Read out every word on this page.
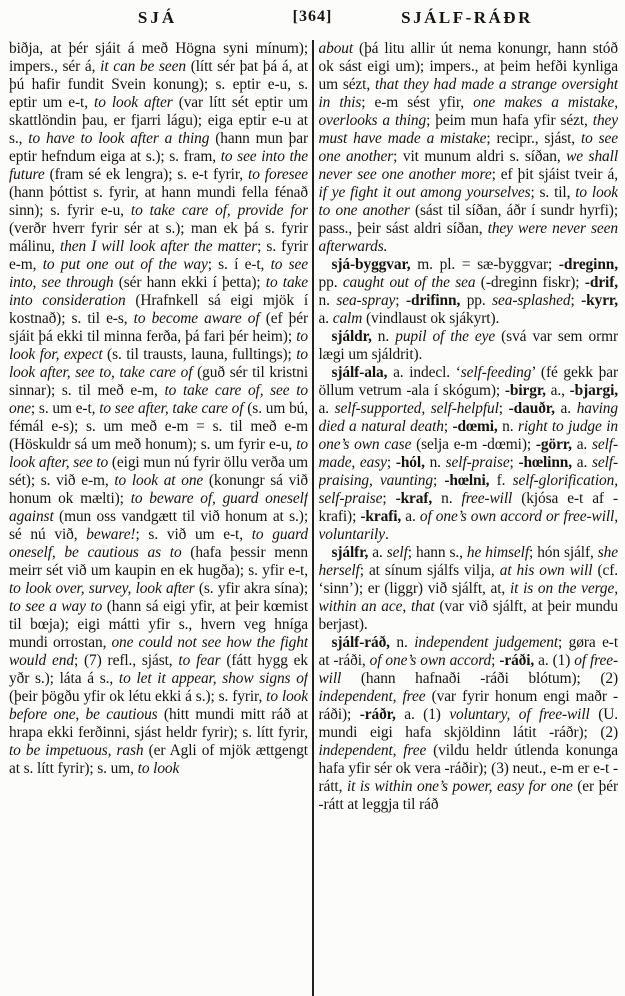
SJÁ	[364]	SJÁLF-RÁÐR

biðja, at þér sjáit á með Högna syni mínum); impers., sér á, it can be seen (lítt sér þat þá á, at þú hafir fundit Svein konung); s. eptir e-u, s. eptir um e-t, to look after (var lítt sét eptir um skattlöndin þau, er fjarri lágu); eiga eptir e-u at s., to have to look after a thing (hann mun þar eptir hefndum eiga at s.); s. fram, to see into the future (fram sé ek lengra); s. e-t fyrir, to foresee (hann þóttist s. fyrir, at hann mundi fella fénað sinn); s. fyrir e-u, to take care of, provide for (verðr hverr fyrir sér at s.); man ek þá s. fyrir málinu, then I will look after the matter; s. fyrir e-m, to put one out of the way; s. í e-t, to see into, see through (sér hann ekki í þetta); to take into consideration (Hrafnkell sá eigi mjök í kostnað); s. til e-s, to become aware of (ef þér sjáit þá ekki til minna ferða, þá fari þér heim); to look for, expect (s. til trausts, launa, fulltings); to look after, see to, take care of (guð sér til kristni sinnar); s. til með e-m, to take care of, see to one; s. um e-t, to see after, take care of (s. um bú, fémál e-s); s. um með e-m = s. til með e-m (Höskuldr sá um með honum); s. um fyrir e-u, to look after, see to (eigi mun nú fyrir öllu verða um sét); s. við e-m, to look at one (konungr sá við honum ok mælti); to beware of, guard oneself against (mun oss vandgætt til við honum at s.); sé nú við, beware!; s. við um e-t, to guard oneself, be cautious as to (hafa þessir menn meirr sét við um kaupin en ek hugða); s. yfir e-t, to look over, survey, look after (s. yfir akra sína); to see a way to (hann sá eigi yfir, at þeir kœmist til bœja); eigi mátti yfir s., hvern veg hníga mundi orrostan, one could not see how the fight would end; (7) refl., sjást, to fear (fátt hygg ek yðr s.); láta á s., to let it appear, show signs of (þeir þögðu yfir ok létu ekki á s.); s. fyrir, to look before one, be cautious (hitt mundi mitt ráð at hrapa ekki ferðinni, sjást heldr fyrir); s. lítt fyrir, to be impetuous, rash (er Agli of mjök ættgengt at s. lítt fyrir); s. um, to look

about (þá litu allir út nema konungr, hann stóð ok sást eigi um); impers., at þeim hefði kynliga um sézt, that they had made a strange oversight in this; e-m sést yfir, one makes a mistake, overlooks a thing; þeim mun hafa yfir sézt, they must have made a mistake; recipr., sjást, to see one another; vit munum aldri s. síðan, we shall never see one another more; ef þit sjáist tveir á, if ye fight it out among yourselves; s. til, to look to one another (sást til síðan, áðr í sundr hyrfi); pass., þeir sást aldri síðan, they were never seen afterwards.

sjá-byggvar, m. pl. = sæ-byggvar; -dreginn, pp. caught out of the sea (-dreginn fiskr); -drif, n. sea-spray; -drifinn, pp. sea-splashed; -kyrr, a. calm (vindlaust ok sjákyrt).

sjáldr, n. pupil of the eye (svá var sem ormr lægi um sjáldrit).

sjálf-ala, a. indecl. ‘self-feeding’ (fé gekk þar öllum vetrum -ala í skógum); -birgr, a., -bjargi, a. self-supported, self-helpful; -dauðr, a. having died a natural death; -dœmi, n. right to judge in one’s own case (selja e-m -dœmi); -görr, a. self-made, easy; -hól, n. self-praise; -hœlinn, a. self-praising, vaunting; -hœlni, f. self-glorification, self-praise; -kraf, n. free-will (kjósa e-t af -krafi); -krafi, a. of one’s own accord or free-will, voluntarily.

sjálfr, a. self; hann s., he himself; hón sjálf, she herself; at sínum sjálfs vilja, at his own will (cf. ‘sinn’); er (liggr) við sjálft, at, it is on the verge, within an ace, that (var við sjálft, at þeir mundu berjast).

sjálf-ráð, n. independent judgement; gøra e-t at -ráði, of one’s own accord; -ráði, a. (1) of free-will (hann hafnaði -ráði blótum); (2) independent, free (var fyrir honum engi maðr -ráði); -ráðr, a. (1) voluntary, of free-will (U. mundi eigi hafa skjöldinn látit -ráðr); (2) independent, free (vildu heldr útlenda konunga hafa yfir sér ok vera -ráðir); (3) neut., e-m er e-t -rátt, it is within one’s power, easy for one (er þér -rátt at leggja til ráð
